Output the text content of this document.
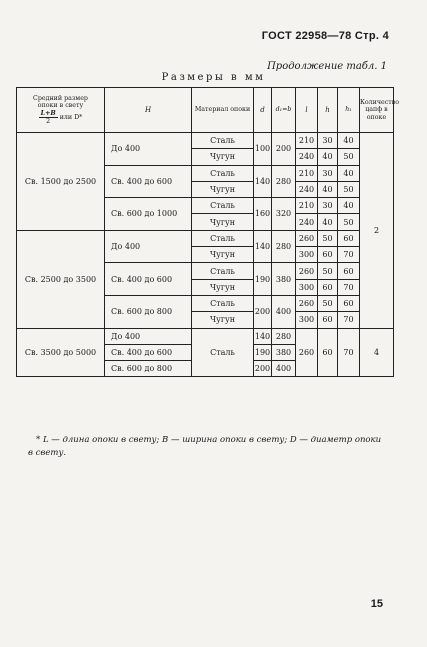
ГОСТ 22958—78 Стр. 4
Продолжение табл. 1
Размеры в мм
Средний размер
опоки в свету
$\frac{L+B}{2}$ или D*	H	Материал опоки	d	d₁=b	l	h	h₁	Количество цапф в опоке
Св. 1500 до 2500	До 400	Сталь	100	200	210	30	40	2
		Чугун			240	40	50	
	Св. 400 до 600	Сталь	140	280	210	30	40	
		Чугун			240	40	50	
	Св. 600 до 1000	Сталь	160	320	210	30	40	
		Чугун			240	40	50	
Св. 2500 до 3500	До 400	Сталь	140	280	260	50	60	
		Чугун			300	60	70	
	Св. 400 до 600	Сталь	190	380	260	50	60	
		Чугун			300	60	70	
	Св. 600 до 800	Сталь	200	400	260	50	60	
		Чугун			300	60	70	
Св. 3500 до 5000	До 400	Сталь	140	280	260	60	70	4
	Св. 400 до 600		190	380				
	Св. 600 до 800		200	400				
* L — длина опоки в свету; B — ширина опоки в свету; D — диаметр опоки
в свету.
15
